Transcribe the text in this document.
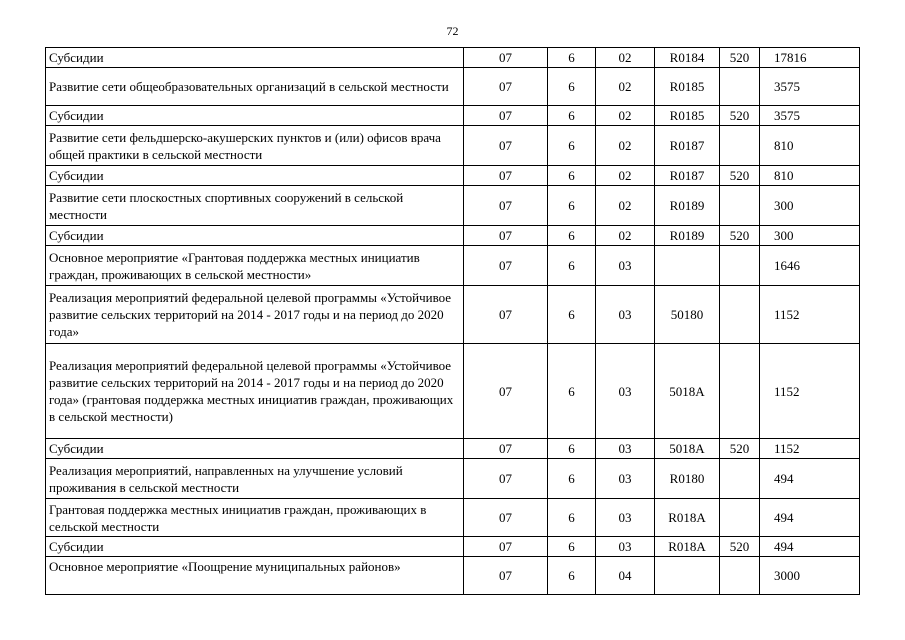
72
Субсидии	07	6	02	R0184	520	17816
Развитие сети общеобразовательных организаций в сельской местности	07	6	02	R0185		3575
Субсидии	07	6	02	R0185	520	3575
Развитие сети фельдшерско-акушерских пунктов и (или) офисов врача общей практики в сельской местности	07	6	02	R0187		810
Субсидии	07	6	02	R0187	520	810
Развитие сети плоскостных спортивных сооружений в сельской местности	07	6	02	R0189		300
Субсидии	07	6	02	R0189	520	300
Основное мероприятие «Грантовая поддержка местных инициатив граждан, проживающих в сельской местности»	07	6	03			1646
Реализация мероприятий федеральной целевой программы «Устойчивое развитие сельских территорий на 2014 - 2017 годы и на период до 2020 года»	07	6	03	50180		1152
Реализация мероприятий федеральной целевой программы «Устойчивое развитие сельских территорий на 2014 - 2017 годы и на период до 2020 года» (грантовая поддержка местных инициатив граждан, проживающих в сельской местности)	07	6	03	5018A		1152
Субсидии	07	6	03	5018A	520	1152
Реализация мероприятий, направленных на улучшение условий проживания в сельской местности	07	6	03	R0180		494
Грантовая поддержка местных инициатив граждан, проживающих в сельской местности	07	6	03	R018A		494
Субсидии	07	6	03	R018A	520	494
Основное мероприятие «Поощрение муниципальных районов»	07	6	04			3000
